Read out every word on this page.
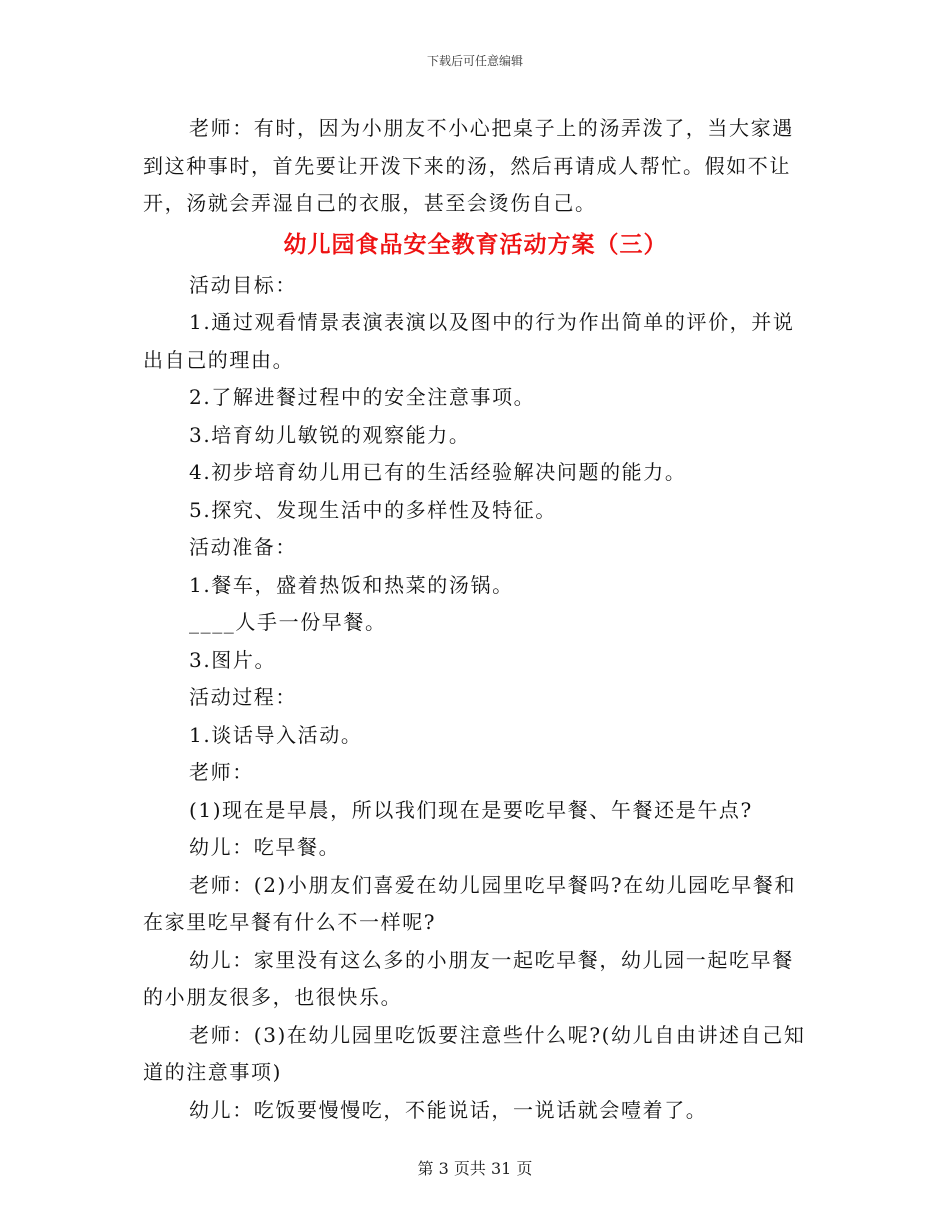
下载后可任意编辑

老师：有时，因为小朋友不小心把桌子上的汤弄泼了，当大家遇到这种事时，首先要让开泼下来的汤，然后再请成人帮忙。假如不让开，汤就会弄湿自己的衣服，甚至会烫伤自己。

幼儿园食品安全教育活动方案（三）

活动目标：

1.通过观看情景表演表演以及图中的行为作出简单的评价，并说出自己的理由。

2.了解进餐过程中的安全注意事项。

3.培育幼儿敏锐的观察能力。

4.初步培育幼儿用已有的生活经验解决问题的能力。

5.探究、发现生活中的多样性及特征。

活动准备：

1.餐车，盛着热饭和热菜的汤锅。

____人手一份早餐。

3.图片。

活动过程：

1.谈话导入活动。

老师：

(1)现在是早晨，所以我们现在是要吃早餐、午餐还是午点?

幼儿：吃早餐。

老师：(2)小朋友们喜爱在幼儿园里吃早餐吗?在幼儿园吃早餐和在家里吃早餐有什么不一样呢?

幼儿：家里没有这么多的小朋友一起吃早餐，幼儿园一起吃早餐的小朋友很多，也很快乐。

老师：(3)在幼儿园里吃饭要注意些什么呢?(幼儿自由讲述自己知道的注意事项)

幼儿：吃饭要慢慢吃，不能说话，一说话就会噎着了。

第 3 页共 31 页
